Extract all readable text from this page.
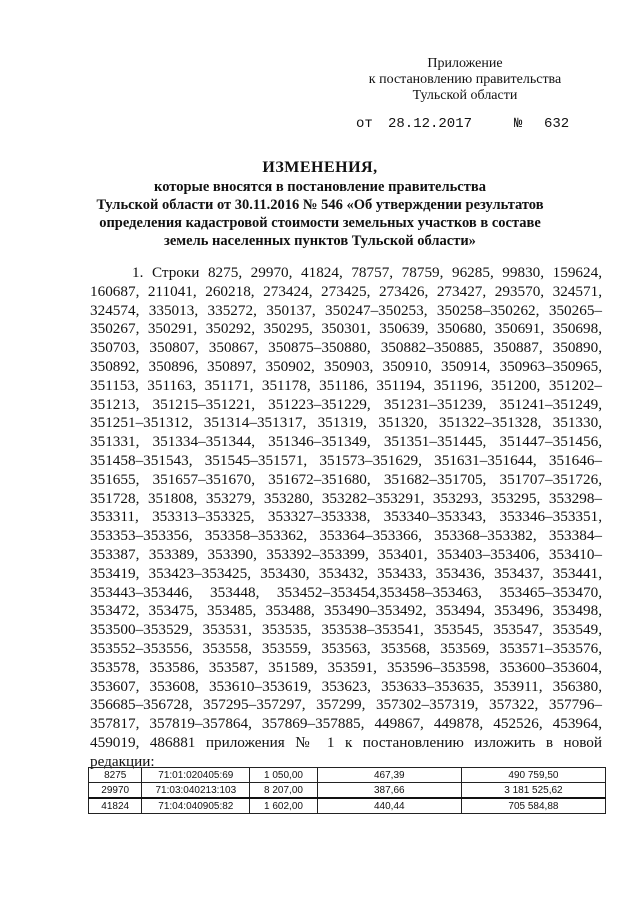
Приложение
к постановлению правительства
Тульской области
от 28.12.2017	№ 632
ИЗМЕНЕНИЯ,
которые вносятся в постановление правительства
Тульской области от 30.11.2016 № 546 «Об утверждении результатов
определения кадастровой стоимости земельных участков в составе
земель населенных пунктов Тульской области»
1. Строки 8275, 29970, 41824, 78757, 78759, 96285, 99830, 159624, 160687, 211041, 260218, 273424, 273425, 273426, 273427, 293570, 324571, 324574, 335013, 335272, 350137, 350247–350253, 350258–350262, 350265–350267, 350291, 350292, 350295, 350301, 350639, 350680, 350691, 350698, 350703, 350807, 350867, 350875–350880, 350882–350885, 350887, 350890, 350892, 350896, 350897, 350902, 350903, 350910, 350914, 350963–350965, 351153, 351163, 351171, 351178, 351186, 351194, 351196, 351200, 351202–351213, 351215–351221, 351223–351229, 351231–351239, 351241–351249, 351251–351312, 351314–351317, 351319, 351320, 351322–351328, 351330, 351331, 351334–351344, 351346–351349, 351351–351445, 351447–351456, 351458–351543, 351545–351571, 351573–351629, 351631–351644, 351646–351655, 351657–351670, 351672–351680, 351682–351705, 351707–351726, 351728, 351808, 353279, 353280, 353282–353291, 353293, 353295, 353298–353311, 353313–353325, 353327–353338, 353340–353343, 353346–353351, 353353–353356, 353358–353362, 353364–353366, 353368–353382, 353384–353387, 353389, 353390, 353392–353399, 353401, 353403–353406, 353410–353419, 353423–353425, 353430, 353432, 353433, 353436, 353437, 353441, 353443–353446, 353448, 353452–353454,353458–353463, 353465–353470, 353472, 353475, 353485, 353488, 353490–353492, 353494, 353496, 353498, 353500–353529, 353531, 353535, 353538–353541, 353545, 353547, 353549, 353552–353556, 353558, 353559, 353563, 353568, 353569, 353571–353576, 353578, 353586, 353587, 351589, 353591, 353596–353598, 353600–353604, 353607, 353608, 353610–353619, 353623, 353633–353635, 353911, 356380, 356685–356728, 357295–357297, 357299, 357302–357319, 357322, 357796–357817, 357819–357864, 357869–357885, 449867, 449878, 452526, 453964, 459019, 486881 приложения № 1 к постановлению изложить в новой редакции:
8275	71:01:020405:69	1 050,00	467,39	490 759,50
29970	71:03:040213:103	8 207,00	387,66	3 181 525,62
41824	71:04:040905:82	1 602,00	440,44	705 584,88
